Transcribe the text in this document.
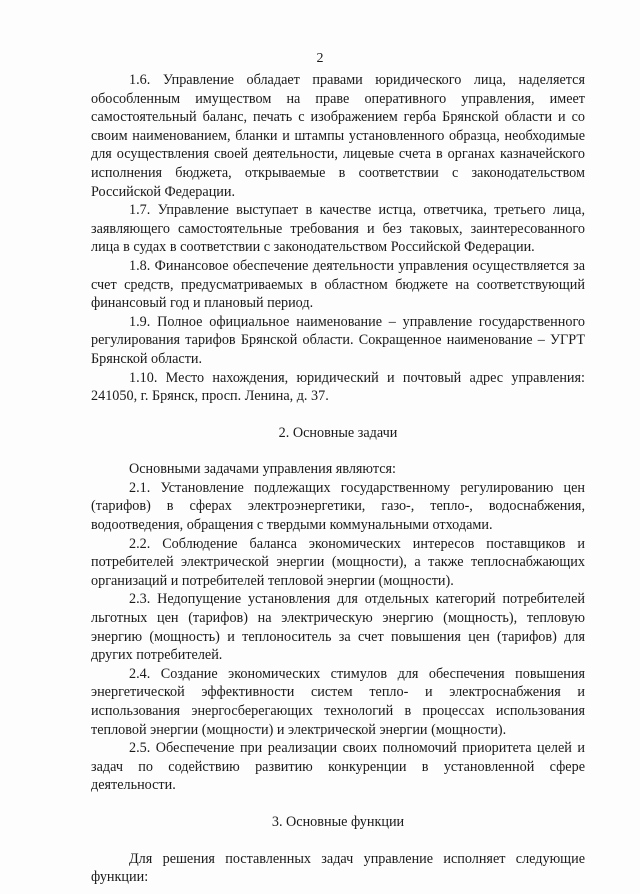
2

1.6. Управление обладает правами юридического лица, наделяется обособленным имуществом на праве оперативного управления, имеет самостоятельный баланс, печать с изображением герба Брянской области и со своим наименованием, бланки и штампы установленного образца, необходимые для осуществления своей деятельности, лицевые счета в органах казначейского исполнения бюджета, открываемые в соответствии с законодательством Российской Федерации.

1.7. Управление выступает в качестве истца, ответчика, третьего лица, заявляющего самостоятельные требования и без таковых, заинтересованного лица в судах в соответствии с законодательством Российской Федерации.

1.8. Финансовое обеспечение деятельности управления осуществляется за счет средств, предусматриваемых в областном бюджете на соответствующий финансовый год и плановый период.

1.9. Полное официальное наименование – управление государственного регулирования тарифов Брянской области. Сокращенное наименование – УГРТ Брянской области.

1.10. Место нахождения, юридический и почтовый адрес управления: 241050, г. Брянск, просп. Ленина, д. 37.

2. Основные задачи

Основными задачами управления являются:

2.1. Установление подлежащих государственному регулированию цен (тарифов) в сферах электроэнергетики, газо-, тепло-, водоснабжения, водоотведения, обращения с твердыми коммунальными отходами.

2.2. Соблюдение баланса экономических интересов поставщиков и потребителей электрической энергии (мощности), а также теплоснабжающих организаций и потребителей тепловой энергии (мощности).

2.3. Недопущение установления для отдельных категорий потребителей льготных цен (тарифов) на электрическую энергию (мощность), тепловую энергию (мощность) и теплоноситель за счет повышения цен (тарифов) для других потребителей.

2.4. Создание экономических стимулов для обеспечения повышения энергетической эффективности систем тепло- и электроснабжения и использования энергосберегающих технологий в процессах использования тепловой энергии (мощности) и электрической энергии (мощности).

2.5. Обеспечение при реализации своих полномочий приоритета целей и задач по содействию развитию конкуренции в установленной сфере деятельности.

3. Основные функции

Для решения поставленных задач управление исполняет следующие функции:
